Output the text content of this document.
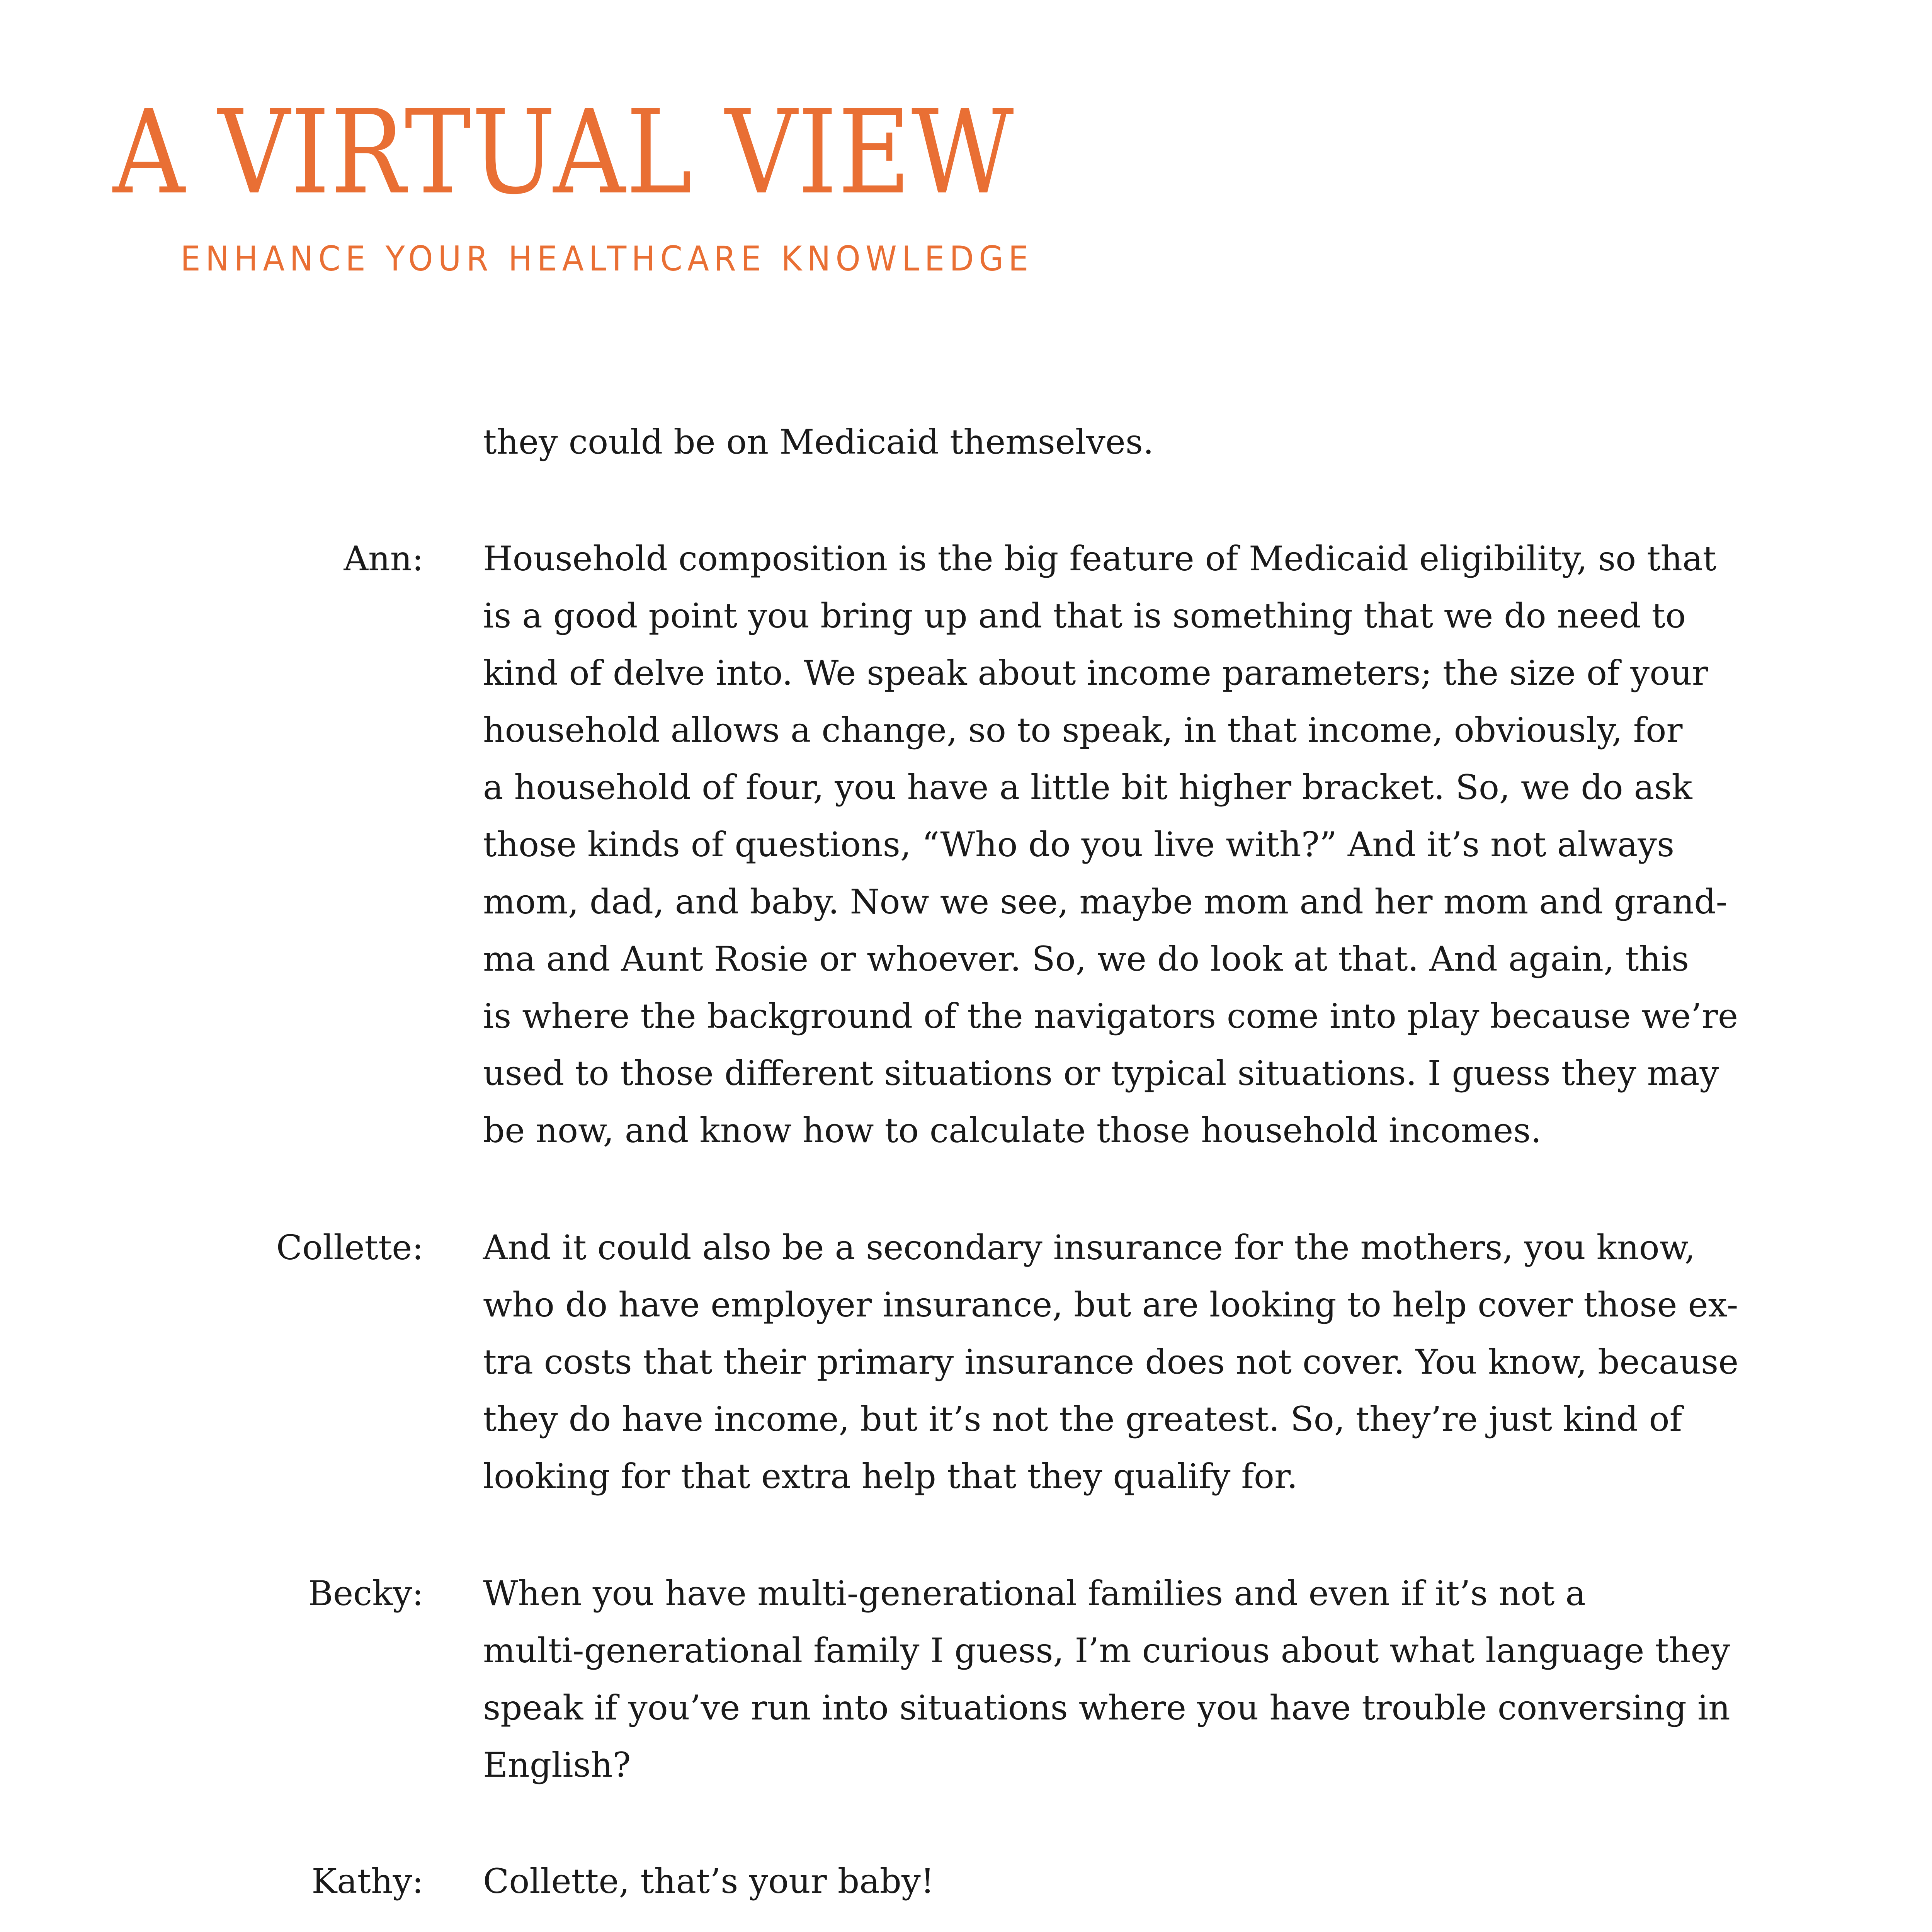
A VIRTUAL VIEW
ENHANCE YOUR HEALTHCARE KNOWLEDGE
they could be on Medicaid themselves.
Ann: Household composition is the big feature of Medicaid eligibility, so that
is a good point you bring up and that is something that we do need to
kind of delve into. We speak about income parameters; the size of your
household allows a change, so to speak, in that income, obviously, for
a household of four, you have a little bit higher bracket. So, we do ask
those kinds of questions, “Who do you live with?” And it’s not always
mom, dad, and baby. Now we see, maybe mom and her mom and grand-
ma and Aunt Rosie or whoever. So, we do look at that. And again, this
is where the background of the navigators come into play because we’re
used to those different situations or typical situations. I guess they may
be now, and know how to calculate those household incomes.
Collette: And it could also be a secondary insurance for the mothers, you know,
who do have employer insurance, but are looking to help cover those ex-
tra costs that their primary insurance does not cover. You know, because
they do have income, but it’s not the greatest. So, they’re just kind of
looking for that extra help that they qualify for.
Becky: When you have multi-generational families and even if it’s not a
multi-generational family I guess, I’m curious about what language they
speak if you’ve run into situations where you have trouble conversing in
English?
Kathy: Collette, that’s your baby!
